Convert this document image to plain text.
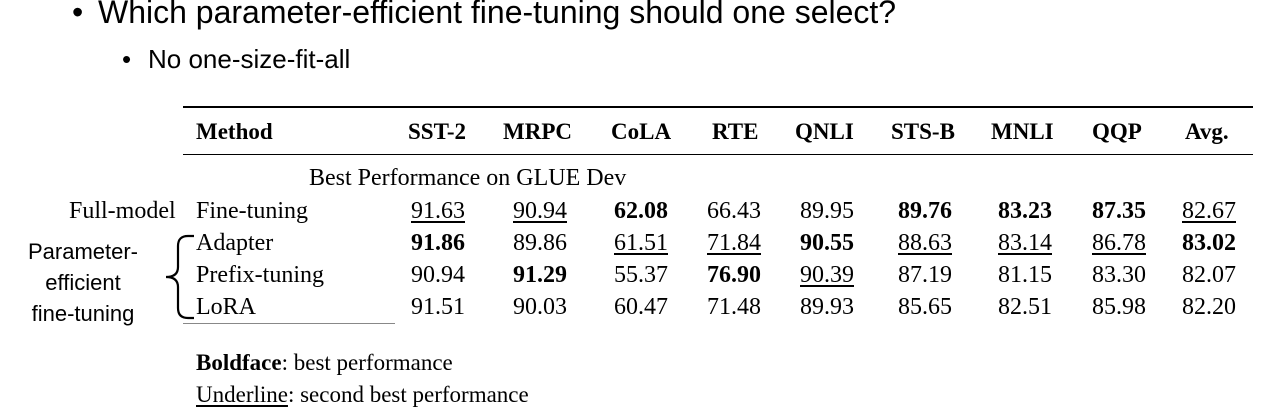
• Which parameter-efficient fine-tuning should one select?
• No one-size-fit-all
Method	SST-2 MRPC CoLA RTE QNLI STS-B MNLI QQP Avg.
Best Performance on GLUE Dev
Full-model
Parameter-
efficient
fine-tuning
Fine-tuning
Adapter
Prefix-tuning
LoRA
91.63 90.94 62.08 66.43 89.95 89.76 83.23 87.35 82.67
91.86 89.86 61.51 71.84 90.55 88.63 83.14 86.78 83.02
90.94 91.29 55.37 76.90 90.39 87.19 81.15 83.30 82.07
91.51 90.03 60.47 71.48 89.93 85.65 82.51 85.98 82.20
Boldface: best performance
Underline: second best performance
